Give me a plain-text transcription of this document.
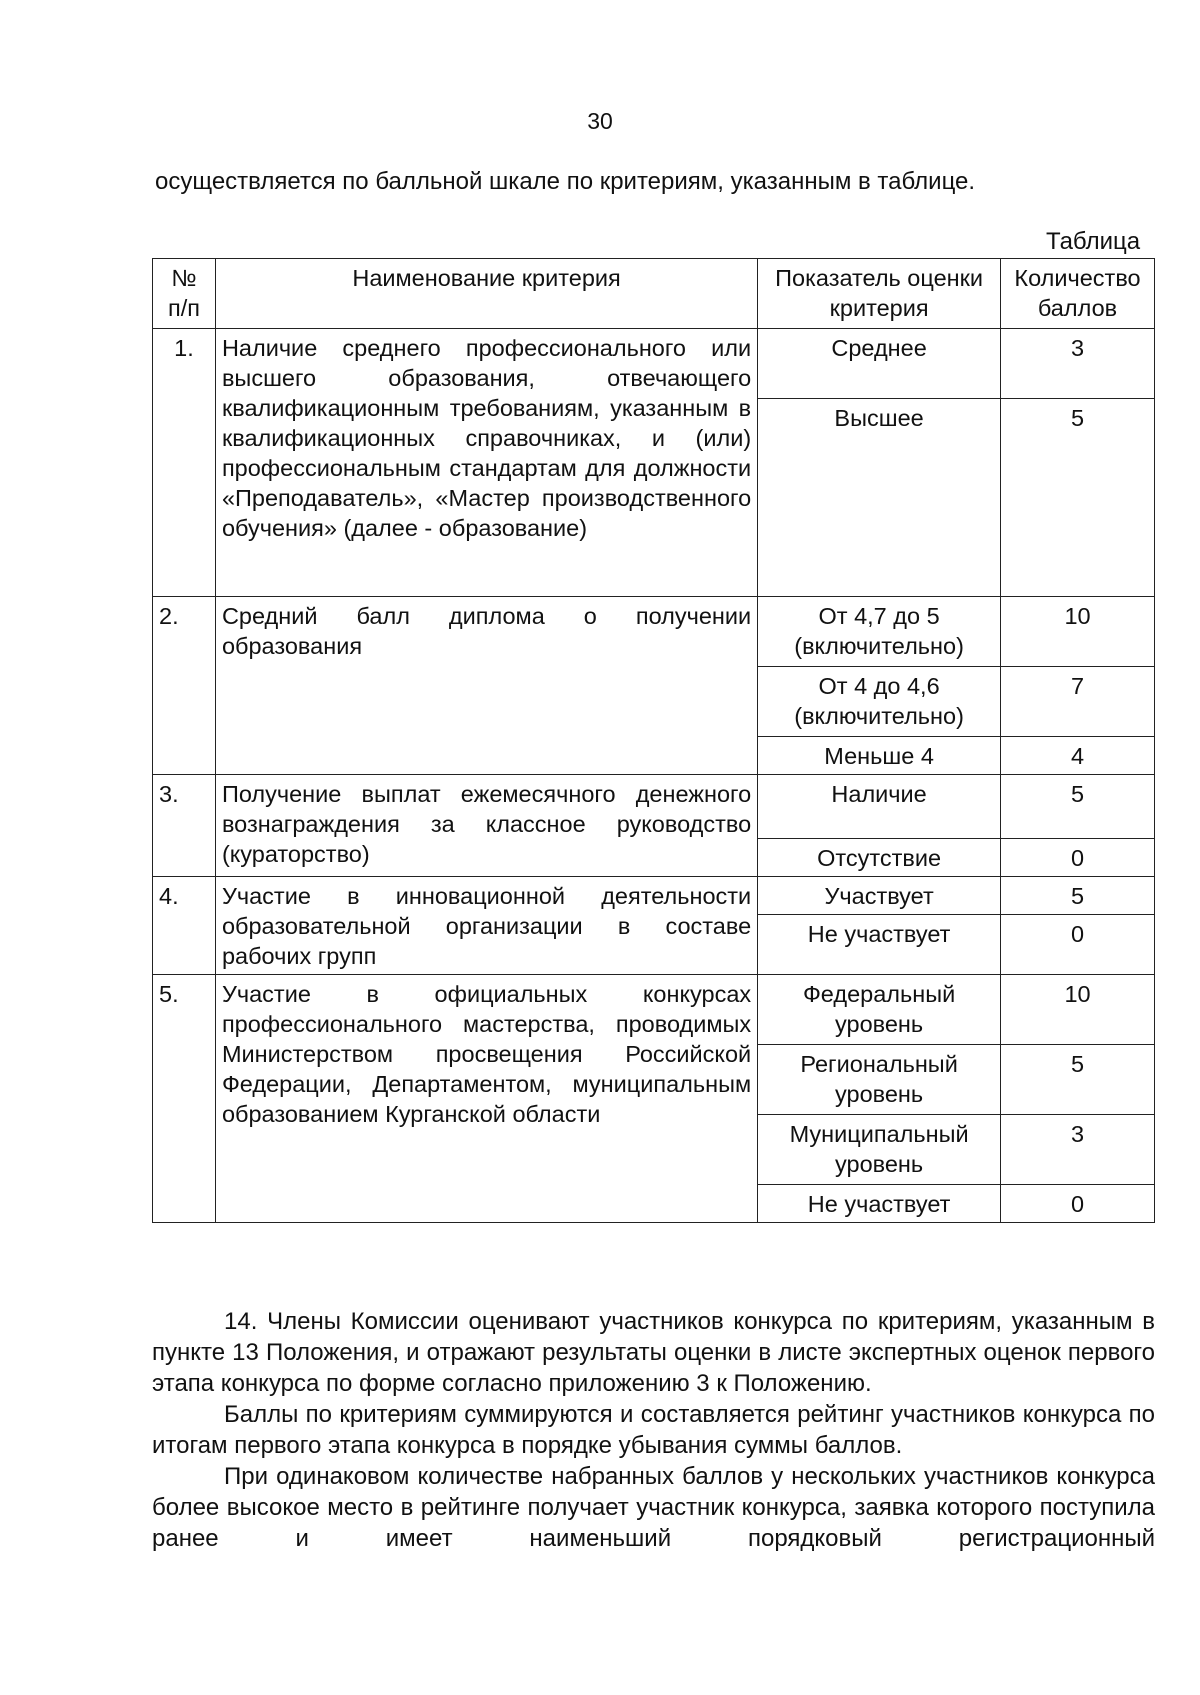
30
осуществляется по балльной шкале по критериям, указанным в таблице.
Таблица
№ п/п	Наименование критерия	Показатель оценки критерия	Количество баллов
1.	Наличие среднего профессионального или высшего образования, отвечающего квалификационным требованиям, указанным в квалификационных справочниках, и (или) профессиональным стандартам для должности «Преподаватель», «Мастер производственного обучения» (далее - образование)	Среднее	3
		Высшее	5
2.	Средний балл диплома о получении образования	От 4,7 до 5 (включительно)	10
		От 4 до 4,6 (включительно)	7
		Меньше 4	4
3.	Получение выплат ежемесячного денежного вознаграждения за классное руководство (кураторство)	Наличие	5
		Отсутствие	0
4.	Участие в инновационной деятельности образовательной организации в составе рабочих групп	Участвует	5
		Не участвует	0
5.	Участие в официальных конкурсах профессионального мастерства, проводимых Министерством просвещения Российской Федерации, Департаментом, муниципальным образованием Курганской области	Федеральный уровень	10
		Региональный уровень	5
		Муниципальный уровень	3
		Не участвует	0

14. Члены Комиссии оценивают участников конкурса по критериям, указанным в пункте 13 Положения, и отражают результаты оценки в листе экспертных оценок первого этапа конкурса по форме согласно приложению 3 к Положению.

Баллы по критериям суммируются и составляется рейтинг участников конкурса по итогам первого этапа конкурса в порядке убывания суммы баллов.

При одинаковом количестве набранных баллов у нескольких участников конкурса более высокое место в рейтинге получает участник конкурса, заявка которого поступила ранее и имеет наименьший порядковый регистрационный
